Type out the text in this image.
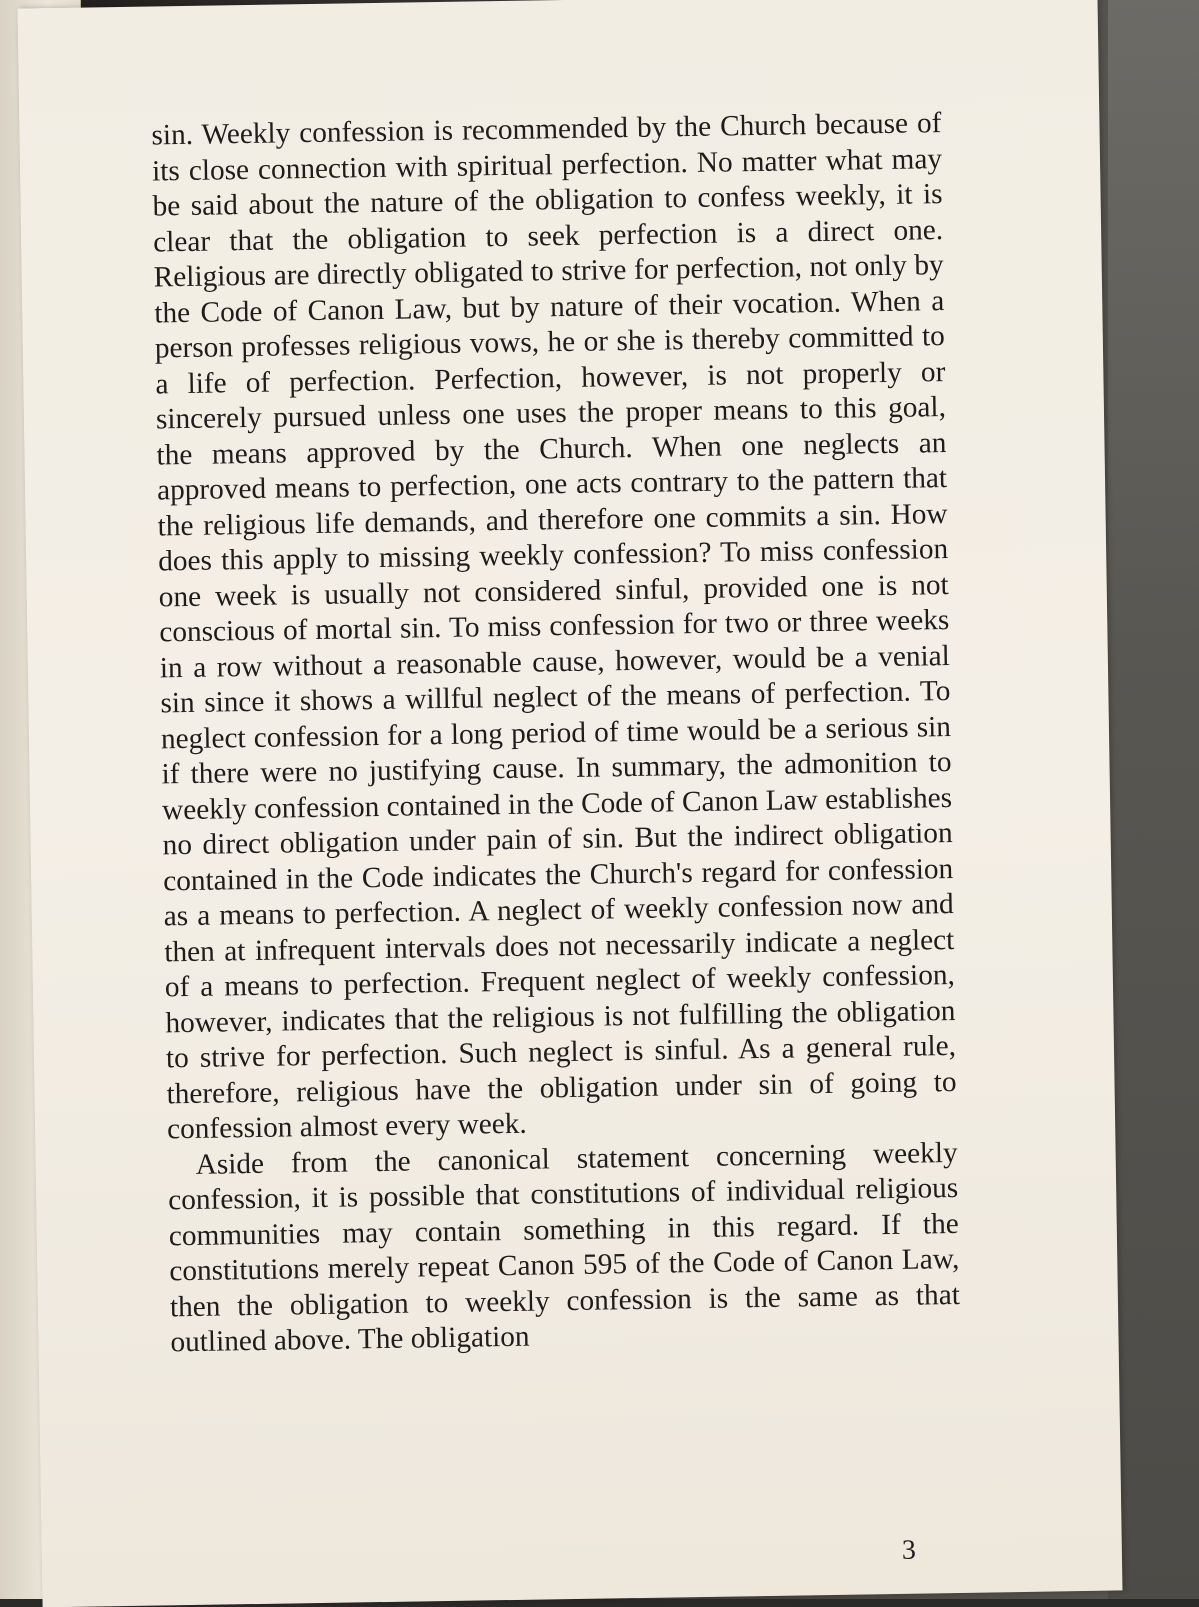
sin. Weekly confession is recommended by the Church because of its close connection with spiritual perfection. No matter what may be said about the nature of the obligation to confess weekly, it is clear that the obligation to seek perfection is a direct one. Religious are directly obligated to strive for perfection, not only by the Code of Canon Law, but by nature of their vocation. When a person professes religious vows, he or she is thereby committed to a life of perfection. Perfection, however, is not properly or sincerely pursued unless one uses the proper means to this goal, the means approved by the Church. When one neglects an approved means to perfection, one acts contrary to the pattern that the religious life demands, and therefore one commits a sin. How does this apply to missing weekly confession? To miss confession one week is usually not considered sinful, provided one is not conscious of mortal sin. To miss confession for two or three weeks in a row without a reasonable cause, however, would be a venial sin since it shows a willful neglect of the means of perfection. To neglect confession for a long period of time would be a serious sin if there were no justifying cause. In summary, the admonition to weekly confession contained in the Code of Canon Law establishes no direct obligation under pain of sin. But the indirect obligation contained in the Code indicates the Church's regard for confession as a means to perfection. A neglect of weekly confession now and then at infrequent intervals does not necessarily indicate a neglect of a means to perfection. Frequent neglect of weekly confession, however, indicates that the religious is not fulfilling the obligation to strive for perfection. Such neglect is sinful. As a general rule, therefore, religious have the obligation under sin of going to confession almost every week.

Aside from the canonical statement concerning weekly confession, it is possible that constitutions of individual religious communities may contain something in this regard. If the constitutions merely repeat Canon 595 of the Code of Canon Law, then the obligation to weekly confession is the same as that outlined above. The obligation

3
